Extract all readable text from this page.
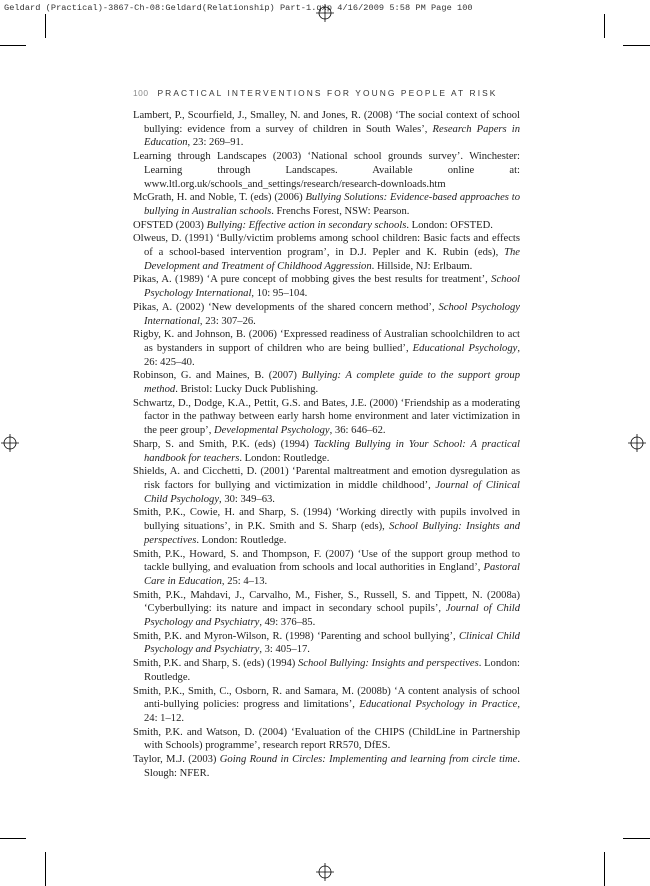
Geldard (Practical)-3867-Ch-08:Geldard(Relationship) Part-1.qxp 4/16/2009 5:58 PM Page 100
100 PRACTICAL INTERVENTIONS FOR YOUNG PEOPLE AT RISK

Lambert, P., Scourfield, J., Smalley, N. and Jones, R. (2008) ‘The social context of school bullying: evidence from a survey of children in South Wales’, Research Papers in Education, 23: 269–91.

Learning through Landscapes (2003) ‘National school grounds survey’. Winchester: Learning through Landscapes. Available online at: www.ltl.org.uk/schools_and_settings/research/research-downloads.htm

McGrath, H. and Noble, T. (eds) (2006) Bullying Solutions: Evidence-based approaches to bullying in Australian schools. Frenchs Forest, NSW: Pearson.

OFSTED (2003) Bullying: Effective action in secondary schools. London: OFSTED.

Olweus, D. (1991) ‘Bully/victim problems among school children: Basic facts and effects of a school-based intervention program’, in D.J. Pepler and K. Rubin (eds), The Development and Treatment of Childhood Aggression. Hillside, NJ: Erlbaum.

Pikas, A. (1989) ‘A pure concept of mobbing gives the best results for treatment’, School Psychology International, 10: 95–104.

Pikas, A. (2002) ‘New developments of the shared concern method’, School Psychology International, 23: 307–26.

Rigby, K. and Johnson, B. (2006) ‘Expressed readiness of Australian schoolchildren to act as bystanders in support of children who are being bullied’, Educational Psychology, 26: 425–40.

Robinson, G. and Maines, B. (2007) Bullying: A complete guide to the support group method. Bristol: Lucky Duck Publishing.

Schwartz, D., Dodge, K.A., Pettit, G.S. and Bates, J.E. (2000) ‘Friendship as a moderating factor in the pathway between early harsh home environment and later victimization in the peer group’, Developmental Psychology, 36: 646–62.

Sharp, S. and Smith, P.K. (eds) (1994) Tackling Bullying in Your School: A practical handbook for teachers. London: Routledge.

Shields, A. and Cicchetti, D. (2001) ‘Parental maltreatment and emotion dysregulation as risk factors for bullying and victimization in middle childhood’, Journal of Clinical Child Psychology, 30: 349–63.

Smith, P.K., Cowie, H. and Sharp, S. (1994) ‘Working directly with pupils involved in bullying situations’, in P.K. Smith and S. Sharp (eds), School Bullying: Insights and perspectives. London: Routledge.

Smith, P.K., Howard, S. and Thompson, F. (2007) ‘Use of the support group method to tackle bullying, and evaluation from schools and local authorities in England’, Pastoral Care in Education, 25: 4–13.

Smith, P.K., Mahdavi, J., Carvalho, M., Fisher, S., Russell, S. and Tippett, N. (2008a) ‘Cyberbullying: its nature and impact in secondary school pupils’, Journal of Child Psychology and Psychiatry, 49: 376–85.

Smith, P.K. and Myron-Wilson, R. (1998) ‘Parenting and school bullying’, Clinical Child Psychology and Psychiatry, 3: 405–17.

Smith, P.K. and Sharp, S. (eds) (1994) School Bullying: Insights and perspectives. London: Routledge.

Smith, P.K., Smith, C., Osborn, R. and Samara, M. (2008b) ‘A content analysis of school anti-bullying policies: progress and limitations’, Educational Psychology in Practice, 24: 1–12.

Smith, P.K. and Watson, D. (2004) ‘Evaluation of the CHIPS (ChildLine in Partnership with Schools) programme’, research report RR570, DfES.

Taylor, M.J. (2003) Going Round in Circles: Implementing and learning from circle time. Slough: NFER.
